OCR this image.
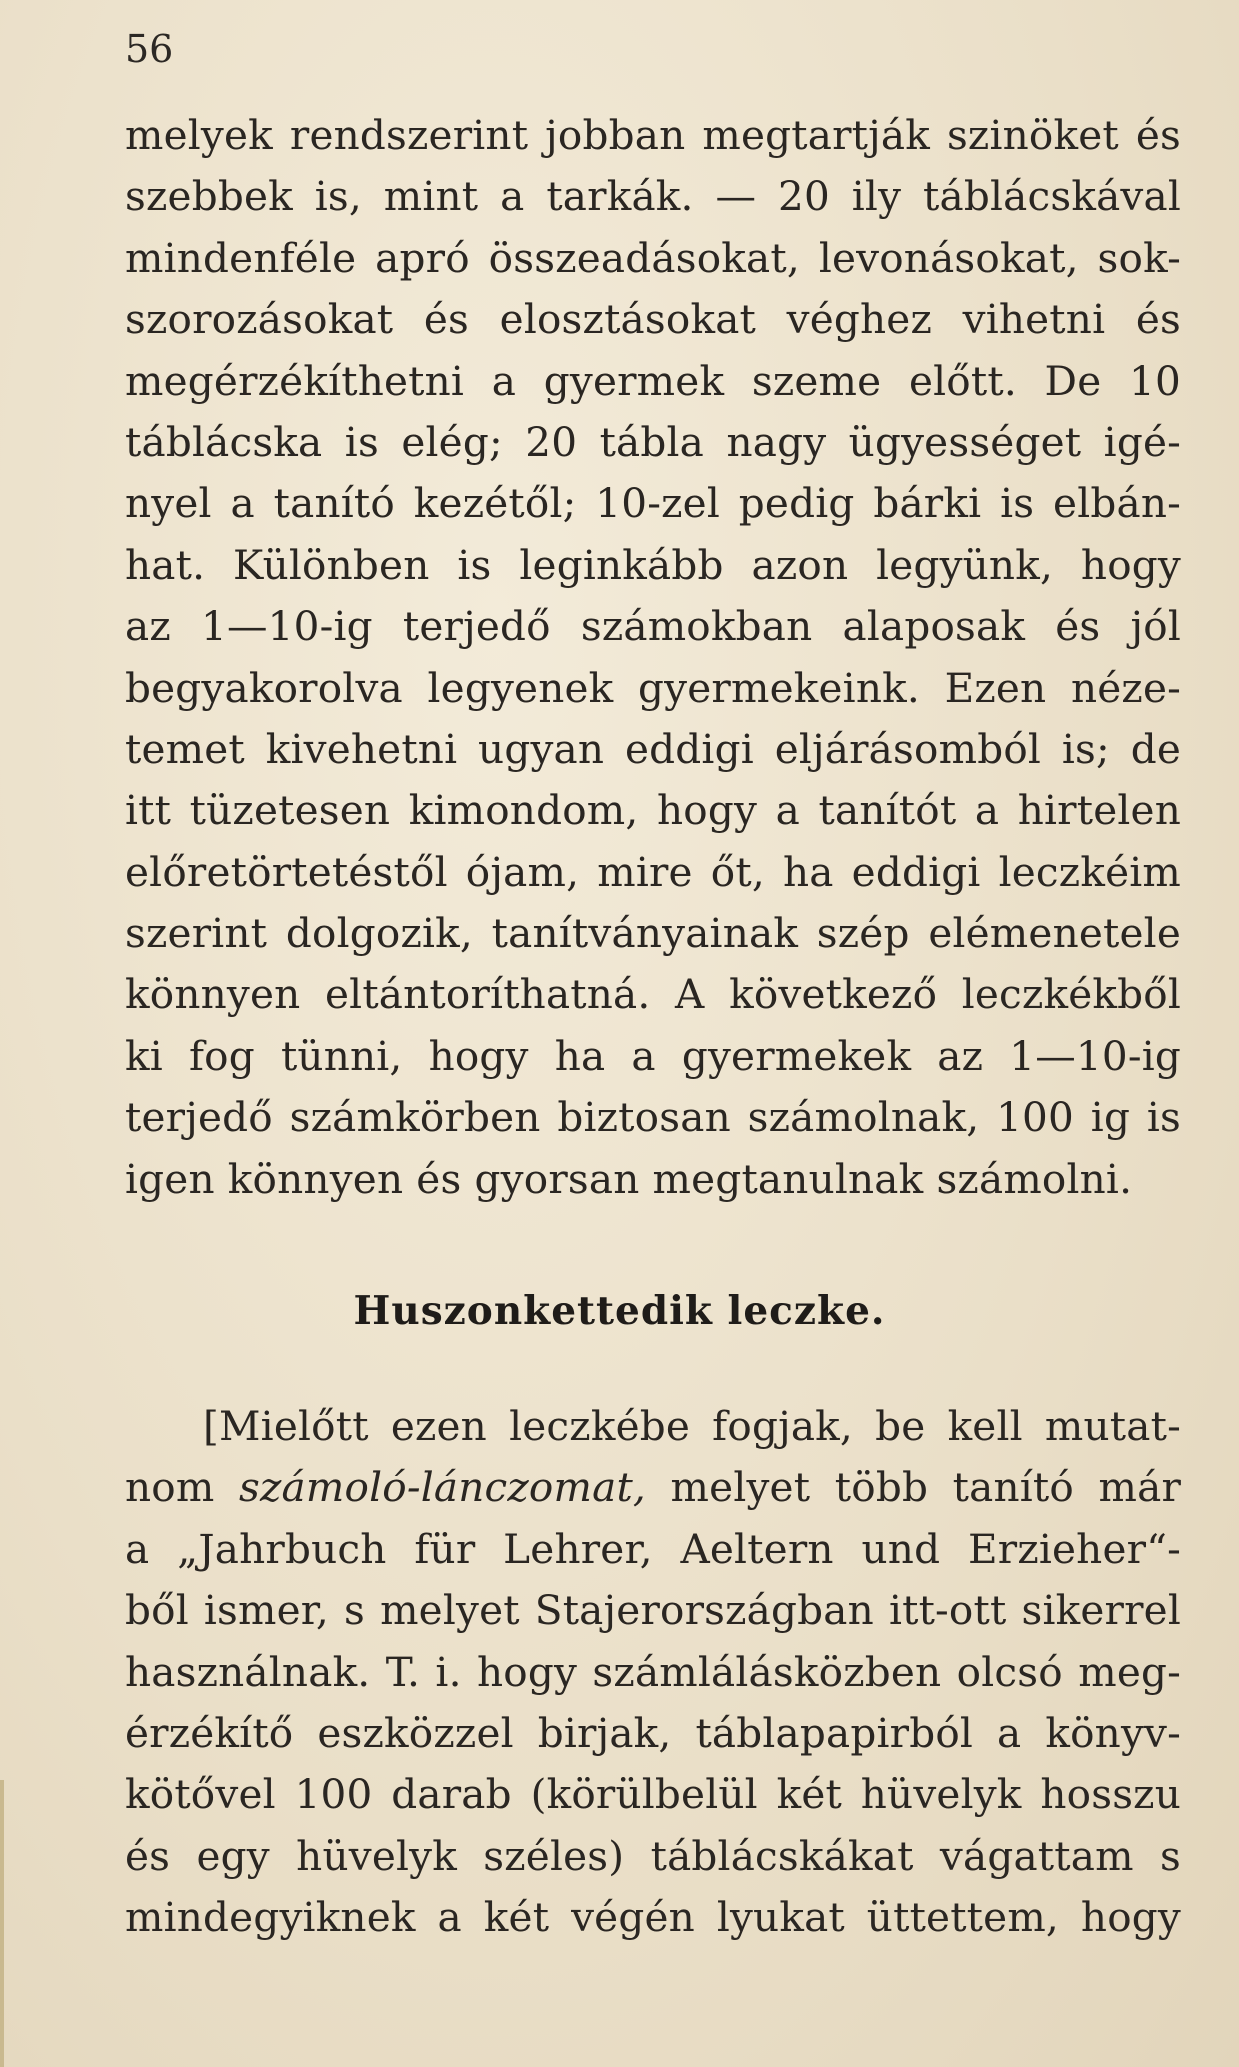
56
melyek rendszerint jobban megtartják szinöket és
szebbek is, mint a tarkák. — 20 ily táblácskával
mindenféle apró összeadásokat, levonásokat, sok-
szorozásokat és elosztásokat véghez vihetni és
megérzékíthetni a gyermek szeme előtt. De 10
táblácska is elég; 20 tábla nagy ügyességet igé-
nyel a tanító kezétől; 10-zel pedig bárki is elbán-
hat. Különben is leginkább azon legyünk, hogy
az 1—10-ig terjedő számokban alaposak és jól
begyakorolva legyenek gyermekeink. Ezen néze-
temet kivehetni ugyan eddigi eljárásomból is; de
itt tüzetesen kimondom, hogy a tanítót a hirtelen
előretörtetéstől ójam, mire őt, ha eddigi leczkéim
szerint dolgozik, tanítványainak szép elémenetele
könnyen eltántoríthatná. A következő leczkékből
ki fog tünni, hogy ha a gyermekek az 1—10-ig
terjedő számkörben biztosan számolnak, 100 ig is
igen könnyen és gyorsan megtanulnak számolni.
Huszonkettedik leczke.
[Mielőtt ezen leczkébe fogjak, be kell mutat-
nom számoló-lánczomat, melyet több tanító már
a „Jahrbuch für Lehrer, Aeltern und Erzieher“-
ből ismer, s melyet Stajerországban itt-ott sikerrel
használnak. T. i. hogy számlálásközben olcsó meg-
érzékítő eszközzel birjak, táblapapirból a könyv-
kötővel 100 darab (körülbelül két hüvelyk hosszu
és egy hüvelyk széles) táblácskákat vágattam s
mindegyiknek a két végén lyukat üttettem, hogy
